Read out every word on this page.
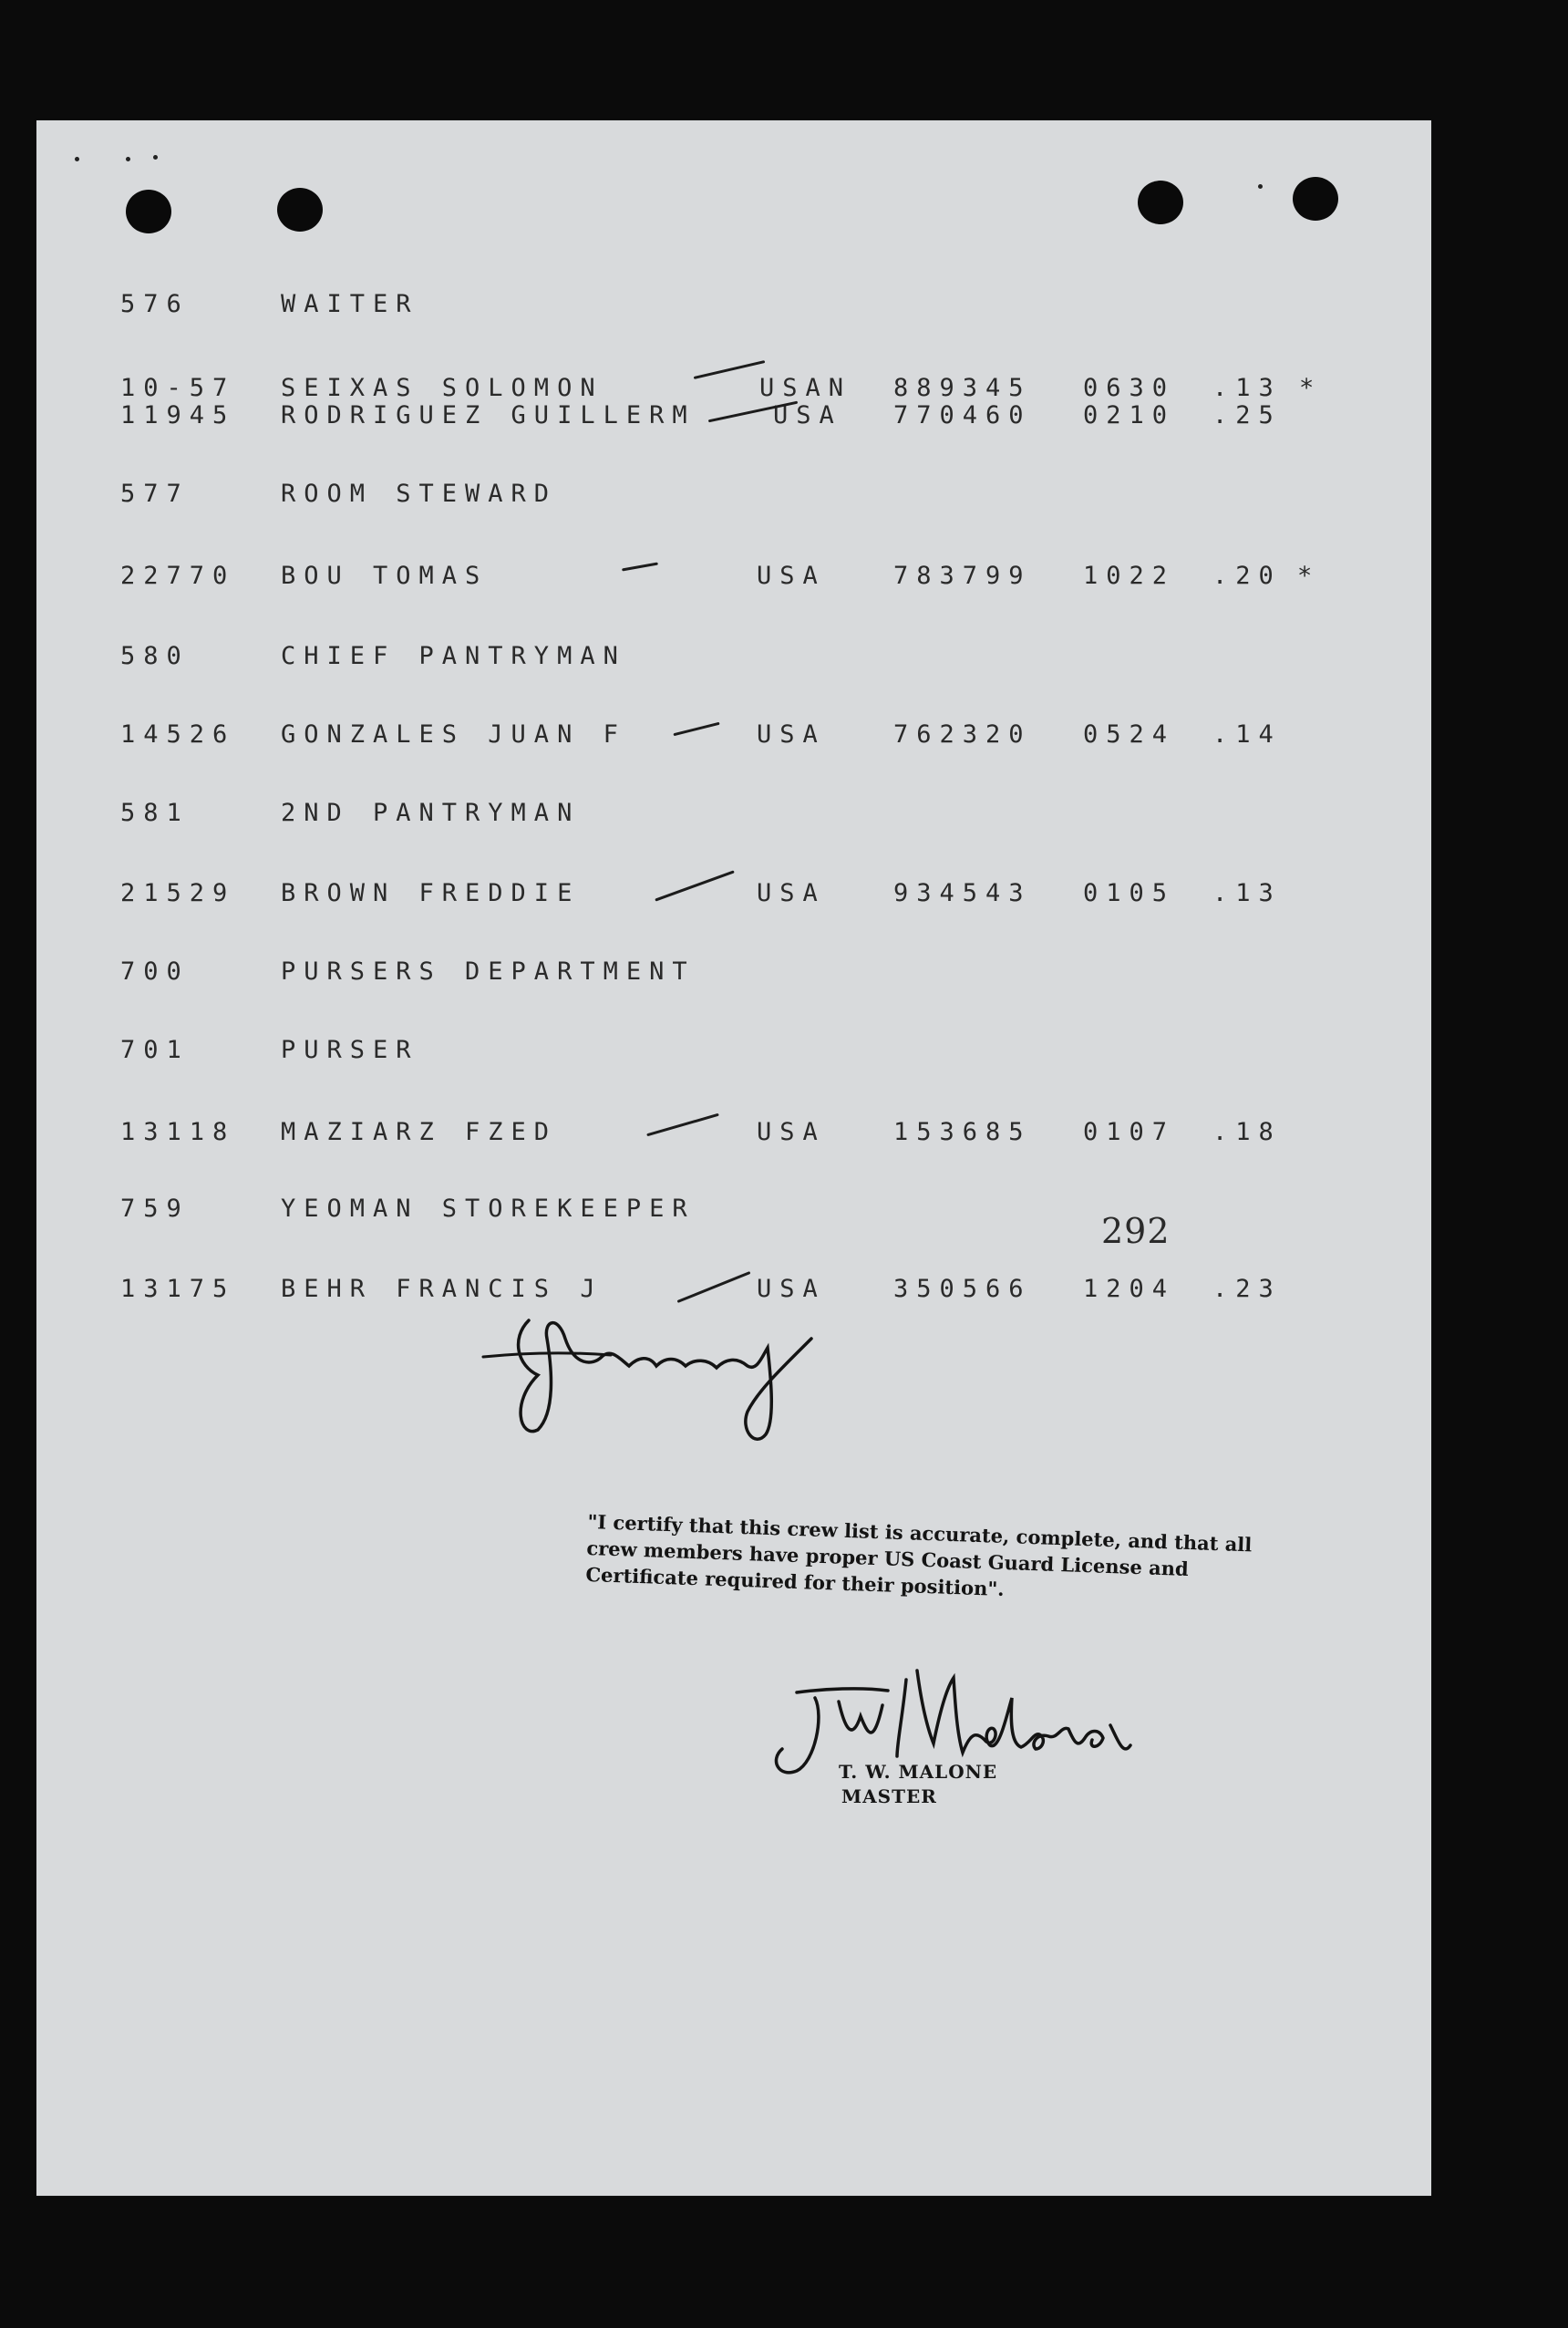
576	WAITER
10-57 SEIXAS SOLOMON	USAN 889345 0630 .13 *
11945 RODRIGUEZ GUILLERM	USA 770460 0210 .25
577	ROOM STEWARD
22770 BOU TOMAS	USA	783799 1022 .20 *
580	CHIEF PANTRYMAN
14526 GONZALES JUAN F	USA	762320 0524 .14
581	2ND PANTRYMAN
21529 BROWN FREDDIE	USA	934543 0105 .13
700	PURSERS DEPARTMENT
701	PURSER
13118 MAZIARZ FZED	USA	153685 0107 .18
759	YEOMAN STOREKEEPER
292
13175 BEHR FRANCIS J	USA	350566 1204 .23
"I certify that this crew list is accurate, complete, and that all crew members have proper US Coast Guard License and Certificate required for their position".
T. W. MALONE
MASTER
